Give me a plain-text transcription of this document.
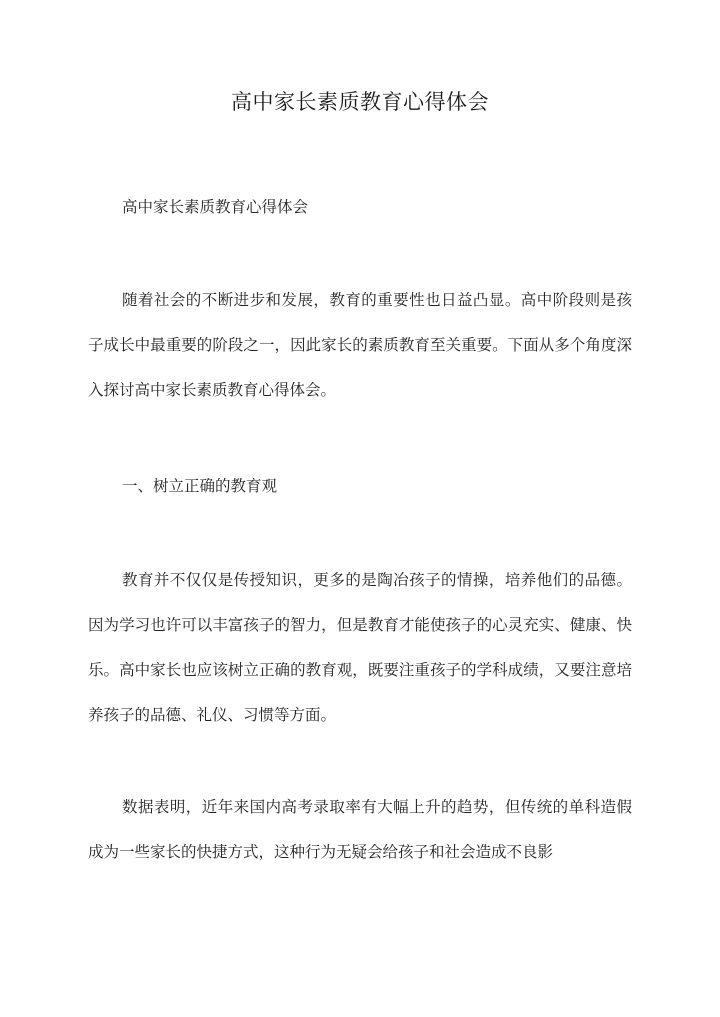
高中家长素质教育心得体会
高中家长素质教育心得体会
随着社会的不断进步和发展，教育的重要性也日益凸显。高中阶段则是孩子成长中最重要的阶段之一，因此家长的素质教育至关重要。下面从多个角度深入探讨高中家长素质教育心得体会。
一、树立正确的教育观
教育并不仅仅是传授知识，更多的是陶冶孩子的情操，培养他们的品德。因为学习也许可以丰富孩子的智力，但是教育才能使孩子的心灵充实、健康、快乐。高中家长也应该树立正确的教育观，既要注重孩子的学科成绩，又要注意培养孩子的品德、礼仪、习惯等方面。
数据表明，近年来国内高考录取率有大幅上升的趋势，但传统的单科造假成为一些家长的快捷方式，这种行为无疑会给孩子和社会造成不良影
